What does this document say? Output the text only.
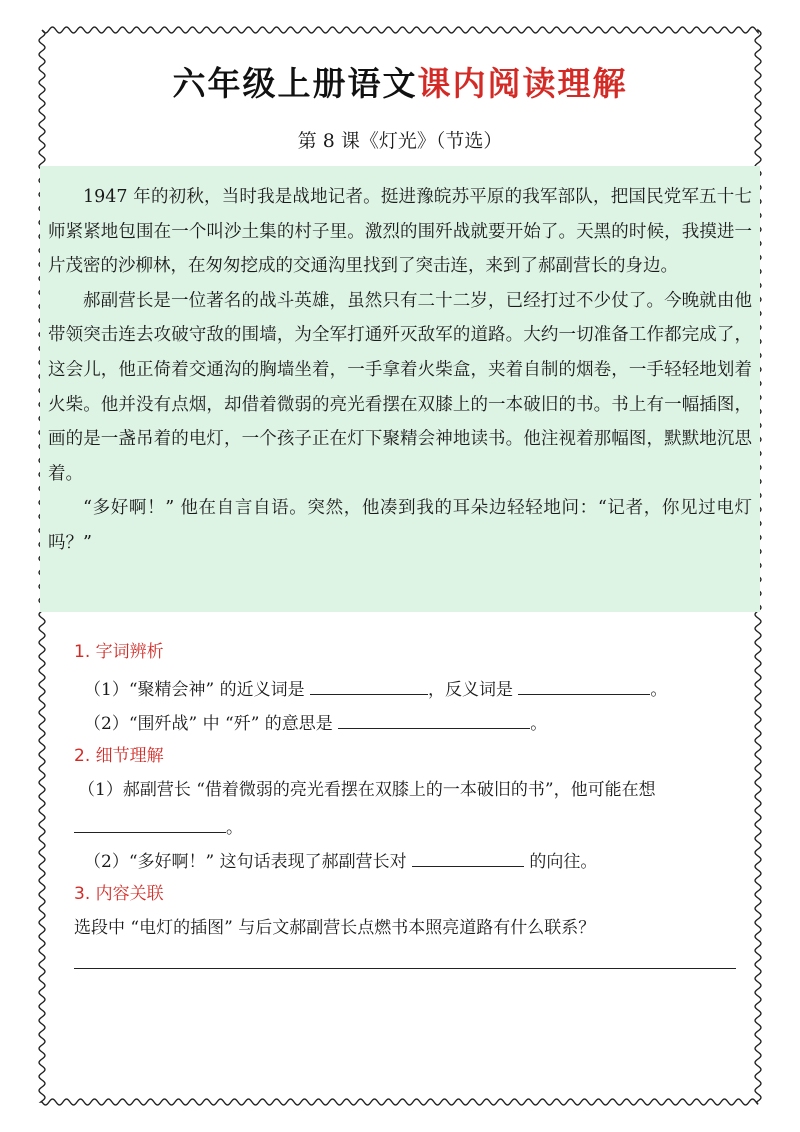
六年级上册语文课内阅读理解
第 8 课《灯光》（节选）

1947 年的初秋，当时我是战地记者。挺进豫皖苏平原的我军部队，把国民党军五十七师紧紧地包围在一个叫沙土集的村子里。激烈的围歼战就要开始了。天黑的时候，我摸进一片茂密的沙柳林，在匆匆挖成的交通沟里找到了突击连，来到了郝副营长的身边。

郝副营长是一位著名的战斗英雄，虽然只有二十二岁，已经打过不少仗了。今晚就由他带领突击连去攻破守敌的围墙，为全军打通歼灭敌军的道路。大约一切准备工作都完成了，这会儿，他正倚着交通沟的胸墙坐着，一手拿着火柴盒，夹着自制的烟卷，一手轻轻地划着火柴。他并没有点烟，却借着微弱的亮光看摆在双膝上的一本破旧的书。书上有一幅插图，画的是一盏吊着的电灯，一个孩子正在灯下聚精会神地读书。他注视着那幅图，默默地沉思着。

“多好啊！” 他在自言自语。突然，他凑到我的耳朵边轻轻地问：“记者，你见过电灯吗？”

1. 字词辨析
（1）“聚精会神” 的近义词是	，反义词是	。
（2）“围歼战” 中 “歼” 的意思是	。
2. 细节理解
（1）郝副营长 “借着微弱的亮光看摆在双膝上的一本破旧的书”，他可能在想
。
（2）“多好啊！” 这句话表现了郝副营长对	的向往。
3. 内容关联
选段中 “电灯的插图” 与后文郝副营长点燃书本照亮道路有什么联系？
